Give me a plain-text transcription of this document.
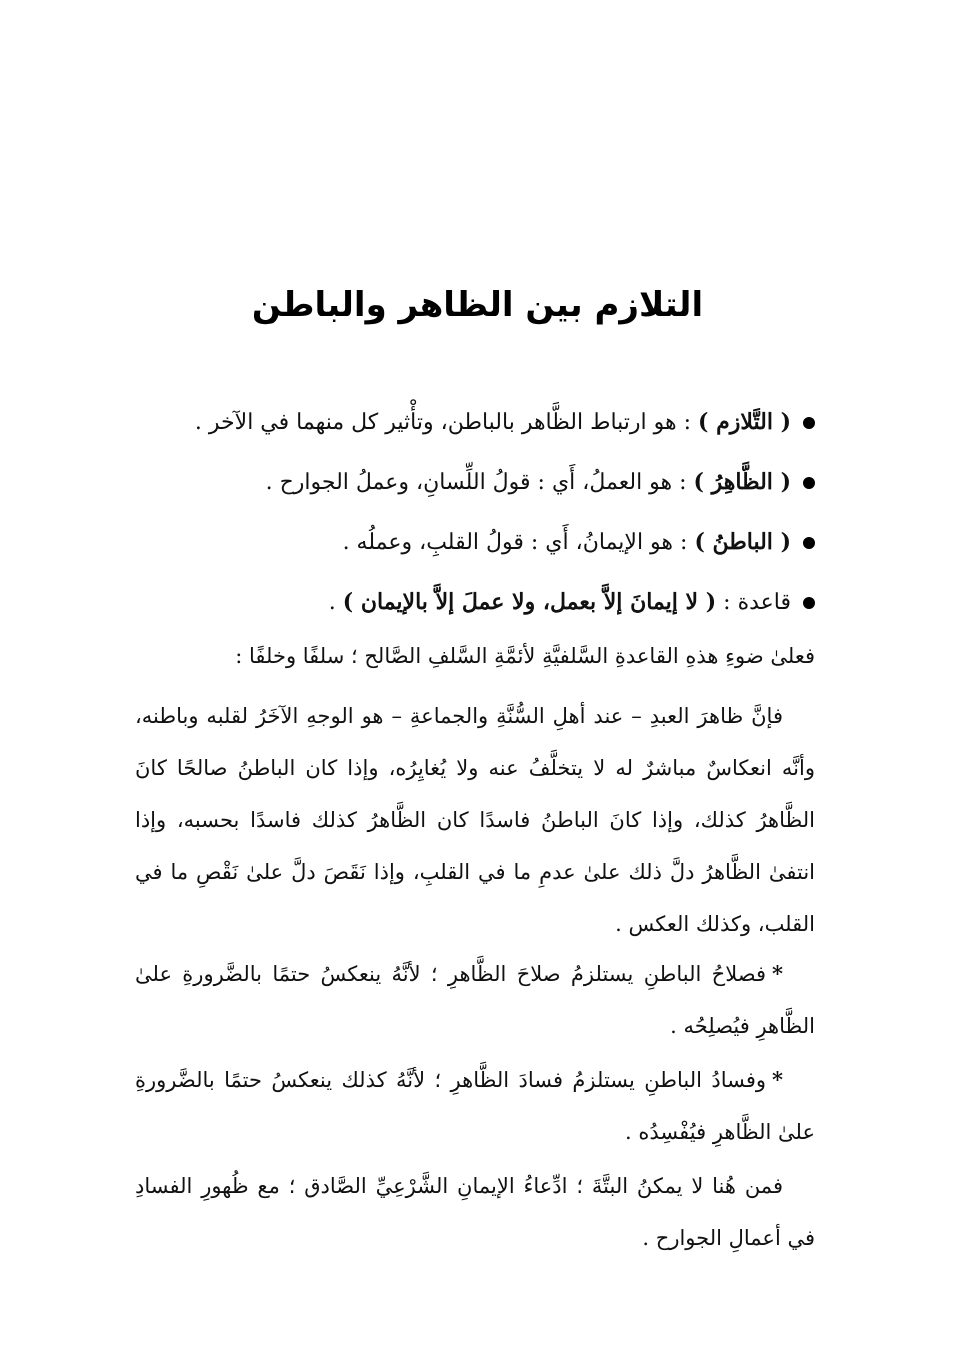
التلازم بين الظاهر والباطن
( التَّلازم ) : هو ارتباط الظَّاهر بالباطن، وتأْثير كل منهما في الآخر .
( الظَّاهِرُ ) : هو العملُ، أَي : قولُ اللِّسانِ، وعملُ الجوارح .
( الباطنُ ) : هو الإيمانُ، أَي : قولُ القلبِ، وعملُه .
قاعدة : ( لا إيمانَ إلاَّ بعمل، ولا عملَ إلاَّ بالإيمان ) .

فعلىٰ ضوءِ هذهِ القاعدةِ السَّلفيَّةِ لأئمَّةِ السَّلفِ الصَّالح ؛ سلفًا وخلفًا :

فإنَّ ظاهرَ العبدِ – عند أهلِ السُّنَّةِ والجماعةِ – هو الوجهِ الآخَرُ لقلبه وباطنه، وأنَّه انعكاسٌ مباشرٌ له لا يتخلَّفُ عنه ولا يُغايِرُه، وإذا كان الباطنُ صالحًا كانَ الظَّاهرُ كذلك، وإذا كانَ الباطنُ فاسدًا كان الظَّاهرُ كذلك فاسدًا بحسبه، وإذا انتفىٰ الظَّاهرُ دلَّ ذلك علىٰ عدمِ ما في القلبِ، وإذا نَقَصَ دلَّ علىٰ نَقْصِ ما في القلب، وكذلك العكس .

*فصلاحُ الباطنِ يستلزمُ صلاحَ الظَّاهرِ ؛ لأنَّهُ ينعكسُ حتمًا بالضَّرورةِ علىٰ الظَّاهرِ فيُصلِحُه .

*وفسادُ الباطنِ يستلزمُ فسادَ الظَّاهرِ ؛ لأنَّهُ كذلك ينعكسُ حتمًا بالضَّرورةِ علىٰ الظَّاهرِ فيُفْسِدُه .

فمن هُنا لا يمكنُ البتَّةَ ؛ ادِّعاءُ الإيمانِ الشَّرْعِيِّ الصَّادق ؛ مع ظُهورِ الفسادِ في أعمالِ الجوارح .
